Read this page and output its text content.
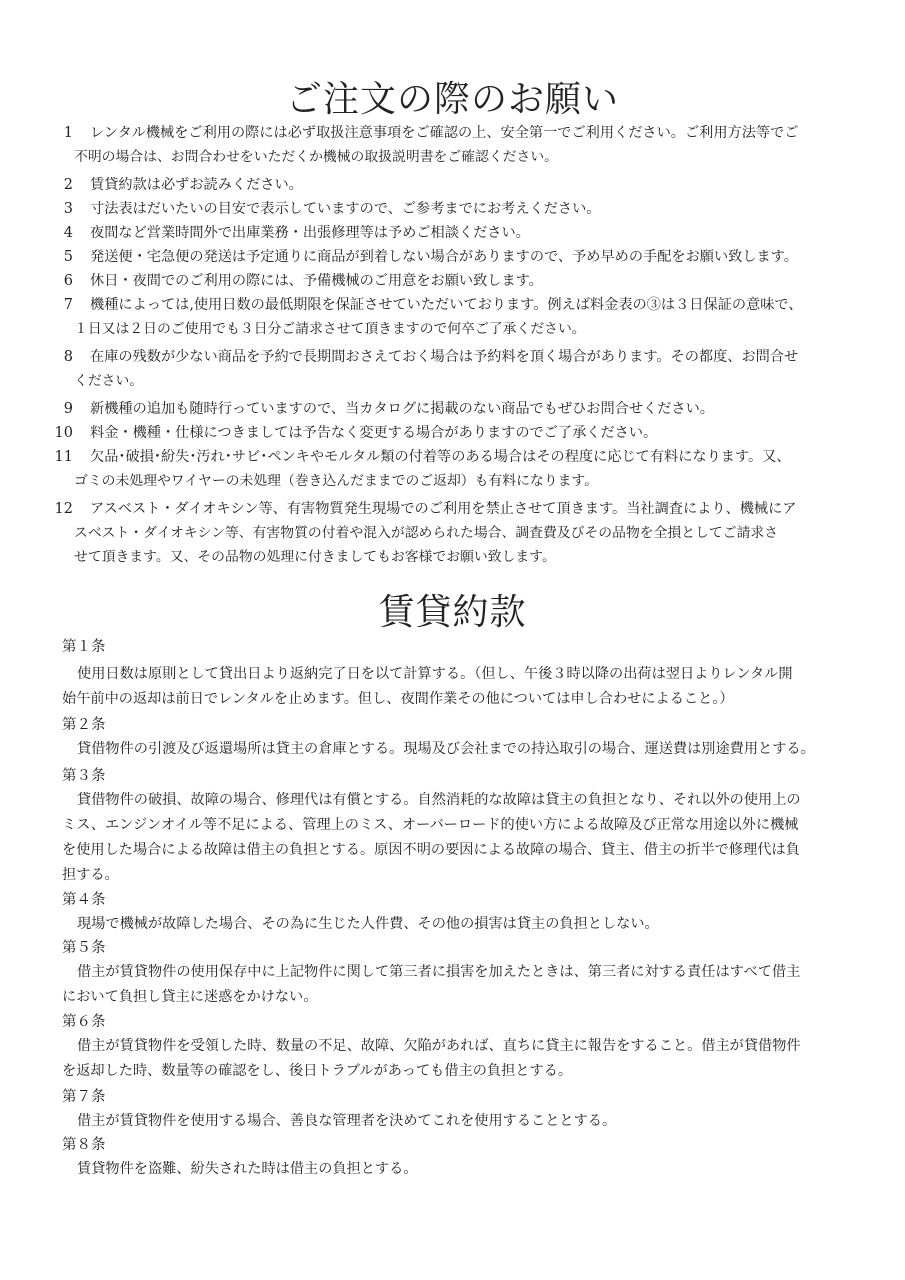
ご注文の際のお願い
1 レンタル機械をご利用の際には必ず取扱注意事項をご確認の上、安全第一でご利用ください。ご利用方法等でご
不明の場合は、お問合わせをいただくか機械の取扱説明書をご確認ください。

2 賃貸約款は必ずお読みください。

3 寸法表はだいたいの目安で表示していますので、ご参考までにお考えください。

4 夜間など営業時間外で出庫業務・出張修理等は予めご相談ください。

5 発送便・宅急便の発送は予定通りに商品が到着しない場合がありますので、予め早めの手配をお願い致します。

6 休日・夜間でのご利用の際には、予備機械のご用意をお願い致します。

7 機種によっては,使用日数の最低期限を保証させていただいております。例えば料金表の③は３日保証の意味で、
１日又は２日のご使用でも３日分ご請求させて頂きますので何卒ご了承ください。

8 在庫の残数が少ない商品を予約で長期間おさえておく場合は予約料を頂く場合があります。その都度、お問合せ
ください。

9 新機種の追加も随時行っていますので、当カタログに掲載のない商品でもぜひお問合せください。

10 料金・機種・仕様につきましては予告なく変更する場合がありますのでご了承ください。

11 欠品･破損･紛失･汚れ･サビ･ペンキやモルタル類の付着等のある場合はその程度に応じて有料になります。又、
ゴミの未処理やワイヤーの未処理（巻き込んだままでのご返却）も有料になります。

12 アスベスト・ダイオキシン等、有害物質発生現場でのご利用を禁止させて頂きます。当社調査により、機械にア
スベスト・ダイオキシン等、有害物質の付着や混入が認められた場合、調査費及びその品物を全損としてご請求さ
せて頂きます。又、その品物の処理に付きましてもお客様でお願い致します。

賃貸約款
第１条

使用日数は原則として貸出日より返納完了日を以て計算する。（但し、午後３時以降の出荷は翌日よりレンタル開
始午前中の返却は前日でレンタルを止めます。但し、夜間作業その他については申し合わせによること。）

第２条

貸借物件の引渡及び返還場所は貸主の倉庫とする。現場及び会社までの持込取引の場合、運送費は別途費用とする。

第３条

貸借物件の破損、故障の場合、修理代は有償とする。自然消耗的な故障は貸主の負担となり、それ以外の使用上の
ミス、エンジンオイル等不足による、管理上のミス、オーバーロード的使い方による故障及び正常な用途以外に機械
を使用した場合による故障は借主の負担とする。原因不明の要因による故障の場合、貸主、借主の折半で修理代は負
担する。

第４条

現場で機械が故障した場合、その為に生じた人件費、その他の損害は貸主の負担としない。

第５条

借主が賃貸物件の使用保存中に上記物件に関して第三者に損害を加えたときは、第三者に対する責任はすべて借主
において負担し貸主に迷惑をかけない。

第６条

借主が賃貸物件を受領した時、数量の不足、故障、欠陥があれば、直ちに貸主に報告をすること。借主が貸借物件
を返却した時、数量等の確認をし、後日トラブルがあっても借主の負担とする。

第７条

借主が賃貸物件を使用する場合、善良な管理者を決めてこれを使用することとする。

第８条

賃貸物件を盗難、紛失された時は借主の負担とする。
